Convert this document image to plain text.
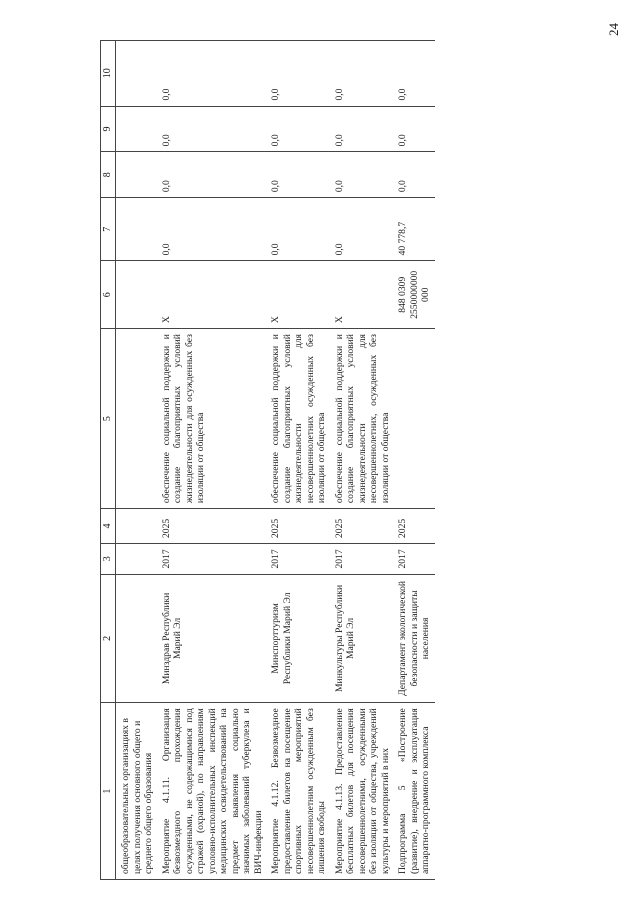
24
1	2	3	4	5	6	7	8	9	10
общеобразовательных организациях в целях получения основного общего и среднего общего образования									
Мероприятие 4.1.11. Организация безвозмездного прохождения осужденными, не содержащимися под стражей (охраной), по направлениям уголовно-исполнительных инспекций медицинских освидетельствований на предмет выявления социально значимых заболеваний туберкулеза и ВИЧ-инфекции	Минздрав Республики Марий Эл	2017	2025	обеспечение социальной поддержки и создание благоприятных условий жизнедеятельности для осужденных без изоляции от общества	Х	0,0	0,0	0,0	0,0
Мероприятие 4.1.12. Безвозмездное предоставление билетов на посещение спортивных мероприятий несовершеннолетним осужденным без лишения свободы	Минспорттуризм Республики Марий Эл	2017	2025	обеспечение социальной поддержки и создание благоприятных условий жизнедеятельности для несовершеннолетних осужденных без изоляции от общества	Х	0,0	0,0	0,0	0,0
Мероприятие 4.1.13. Предоставление бесплатных билетов для посещения несовершеннолетними, осужденными без изоляции от общества, учреждений культуры и мероприятий в них	Минкультуры Республики Марий Эл	2017	2025	обеспечение социальной поддержки и создание благоприятных условий жизнедеятельности для несовершеннолетних, осужденных без изоляции от общества	Х	0,0	0,0	0,0	0,0
Подпрограмма 5 «Построение (развитие), внедрение и эксплуатация аппаратно-программного комплекса	Департамент экологической безопасности и защиты населения	2017	2025		848 0309 2550000000 000	40 778,7	0,0	0,0	0,0
